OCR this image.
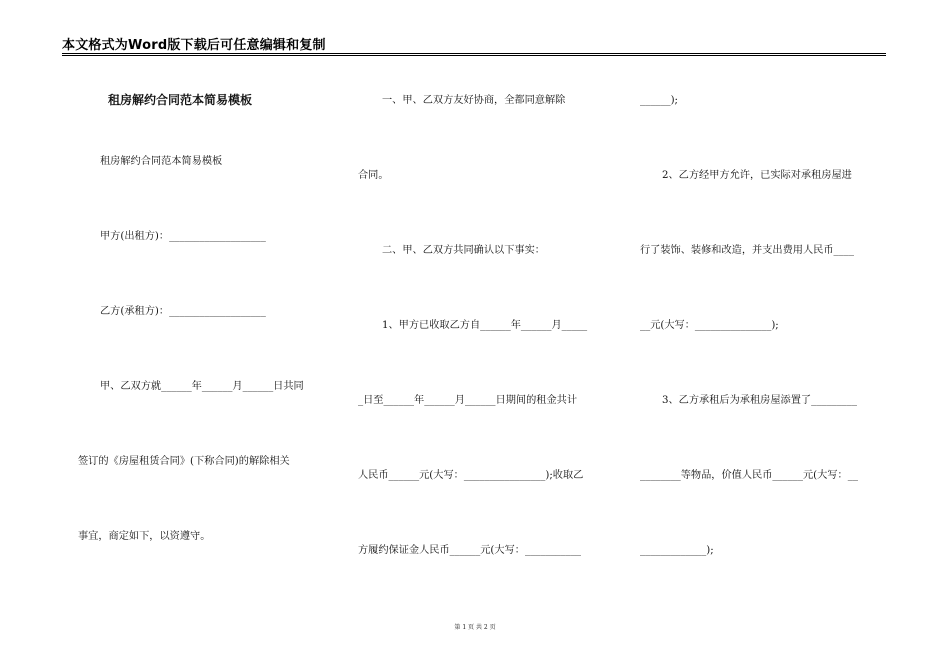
本文格式为Word版下载后可任意编辑和复制
租房解约合同范本简易模板
租房解约合同范本简易模板
甲方(出租方)：___________________
乙方(承租方)：___________________
甲、乙双方就______年______月______日共同
签订的《房屋租赁合同》(下称合同)的解除相关
事宜，商定如下，以资遵守。
一、甲、乙双方友好协商，全都同意解除
合同。
二、甲、乙双方共同确认以下事实：
1、甲方已收取乙方自______年______月_____
_日至______年______月______日期间的租金共计
人民币______元(大写：________________);收取乙
方履约保证金人民币______元(大写：___________
______);
2、乙方经甲方允许，已实际对承租房屋进
行了装饰、装修和改造，并支出费用人民币____
__元(大写：_______________);
3、乙方承租后为承租房屋添置了_________
________等物品，价值人民币______元(大写：__
_____________);
第 1 页 共 2 页
